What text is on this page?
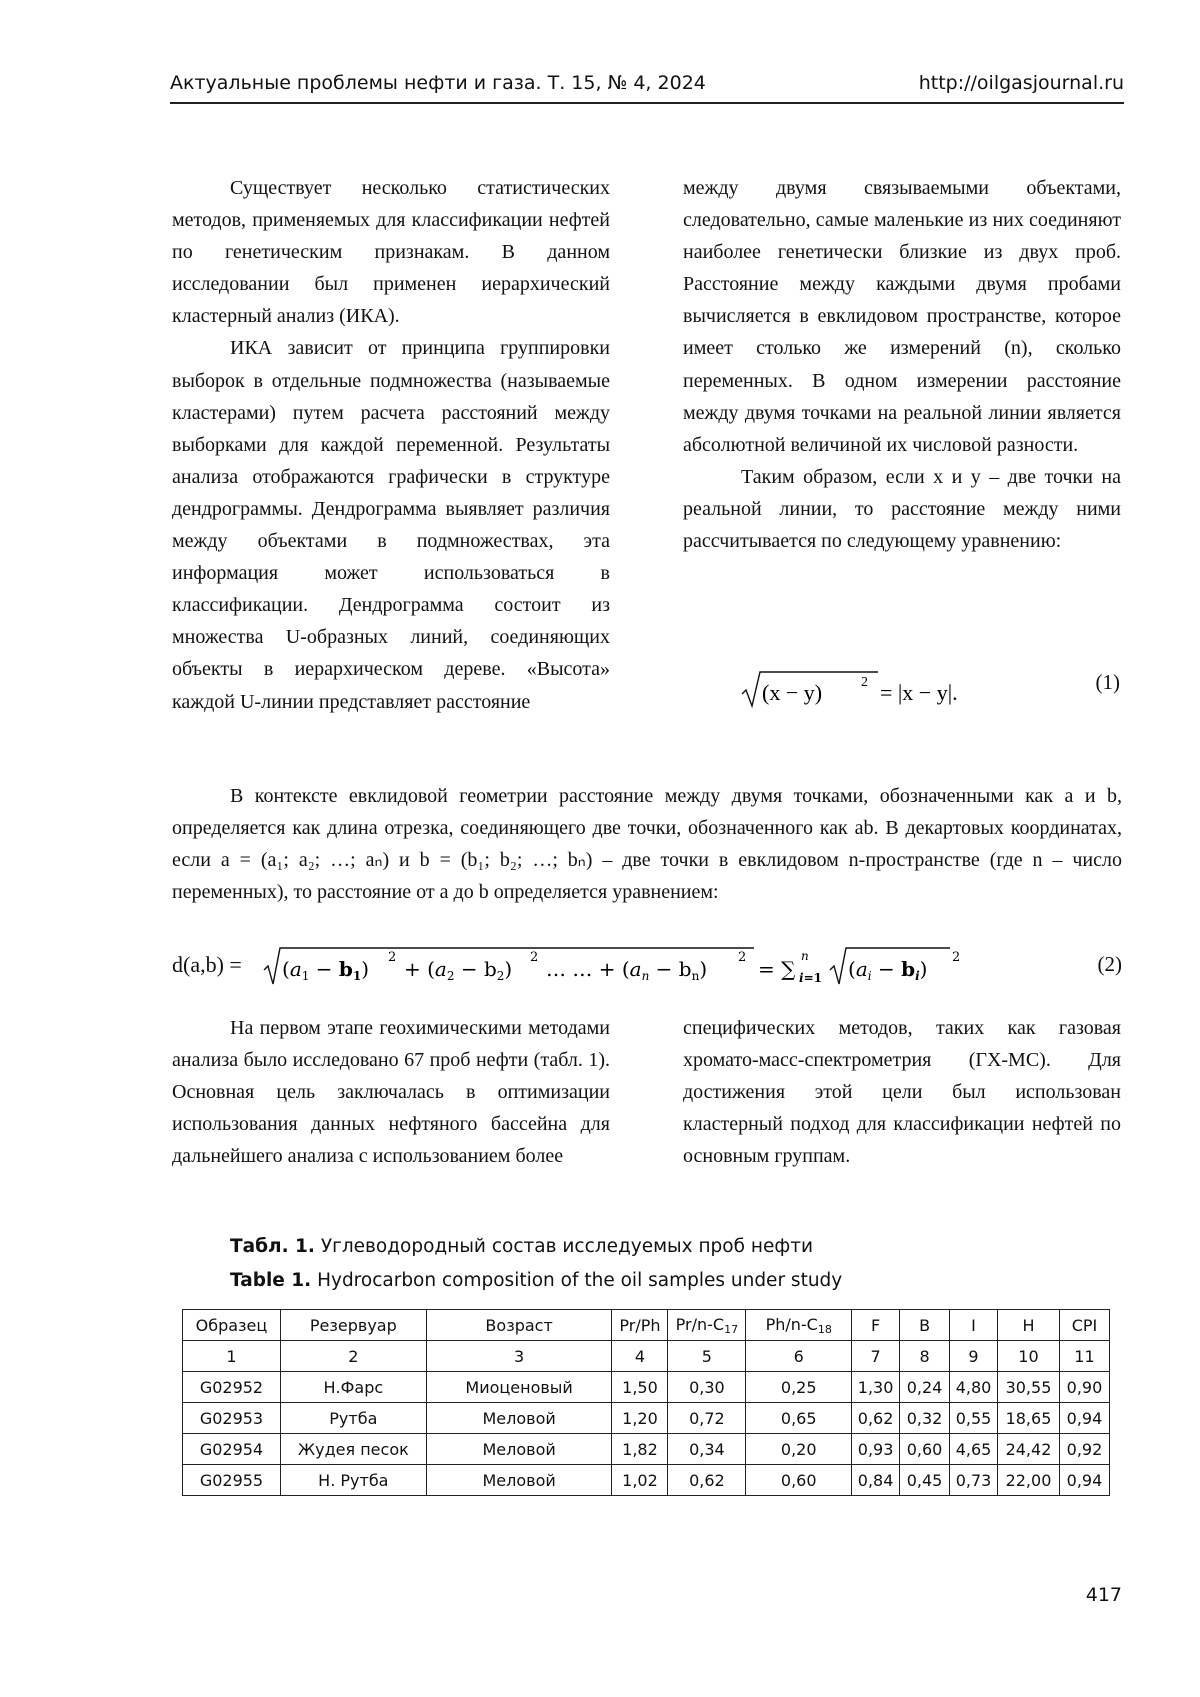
Актуальные проблемы нефти и газа. Т. 15, № 4, 2024	http://oilgasjournal.ru

Существует несколько статистических методов, применяемых для классификации нефтей по генетическим признакам. В данном исследовании был применен иерархический кластерный анализ (ИКА).

ИКА зависит от принципа группировки выборок в отдельные подмножества (называемые кластерами) путем расчета расстояний между выборками для каждой переменной. Результаты анализа отображаются графически в структуре дендрограммы. Дендрограмма выявляет различия между объектами в подмножествах, эта информация может использоваться в классификации. Дендрограмма состоит из множества U-образных линий, соединяющих объекты в иерархическом дереве. «Высота» каждой U-линии представляет расстояние

между двумя связываемыми объектами, следовательно, самые маленькие из них соединяют наиболее генетически близкие из двух проб. Расстояние между каждыми двумя пробами вычисляется в евклидовом пространстве, которое имеет столько же измерений (n), сколько переменных. В одном измерении расстояние между двумя точками на реальной линии является абсолютной величиной их числовой разности.

Таким образом, если x и y – две точки на реальной линии, то расстояние между ними рассчитывается по следующему уравнению:

(x − y)	2 = |x − y|.	(1)

В контексте евклидовой геометрии расстояние между двумя точками, обозначенными как a и b, определяется как длина отрезка, соединяющего две точки, обозначенного как ab. В декартовых координатах, если a = (a₁; a₂; …; aₙ) и b = (b₁; b₂; …; bₙ) – две точки в евклидовом n-пространстве (где n – число переменных), то расстояние от a до b определяется уравнением:

$d(a,b) = (a_1 - b_1) 2 + (a_2 - b_2)$ 2 … … + $(a_n - b_n) 2$ = ∑ i=1
n
$(a_i - b_i)$ 2	(2)

На первом этапе геохимическими методами анализа было исследовано 67 проб нефти (табл. 1). Основная цель заключалась в оптимизации использования данных нефтяного бассейна для дальнейшего анализа с использованием более

специфических методов, таких как газовая хромато-масс-спектрометрия (ГХ-МС). Для достижения этой цели был использован кластерный подход для классификации нефтей по основным группам.

Табл. 1. Углеводородный состав исследуемых проб нефти
Table 1. Hydrocarbon composition of the oil samples under study
Образец	Резервуар	Возраст	Pr/Ph	$Pr/n-C_{17}$	$Ph/n-C_{18}$	F	B	I	H	CPI
1	2	3	4	5	6	7	8	9	10	11
G02952	Н.Фарс	Миоценовый	1,50	0,30	0,25	1,30	0,24	4,80	30,55	0,90
G02953	Рутба	Меловой	1,20	0,72	0,65	0,62	0,32	0,55	18,65	0,94
G02954	Жудея песок	Меловой	1,82	0,34	0,20	0,93	0,60	4,65	24,42	0,92
G02955	Н. Рутба	Меловой	1,02	0,62	0,60	0,84	0,45	0,73	22,00	0,94
417
